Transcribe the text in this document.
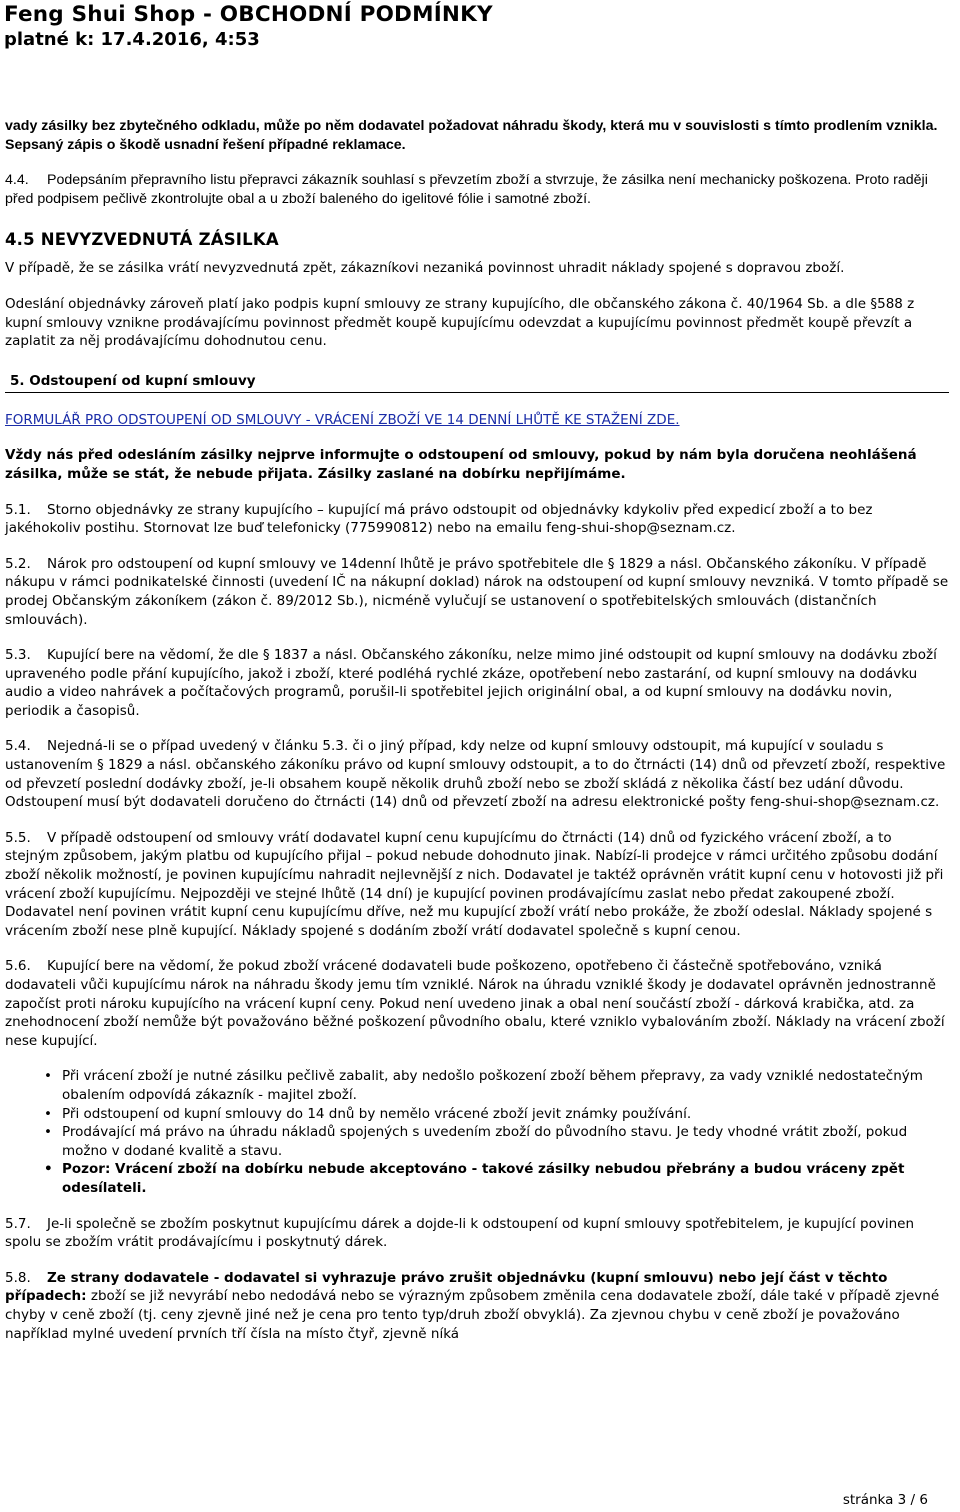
Feng Shui Shop - OBCHODNÍ PODMÍNKY
platné k: 17.4.2016, 4:53

vady zásilky bez zbytečného odkladu, může po něm dodavatel požadovat náhradu škody, která mu v souvislosti s tímto prodlením vznikla. Sepsaný zápis o škodě usnadní řešení případné reklamace.

4.4. Podepsáním přepravního listu přepravci zákazník souhlasí s převzetím zboží a stvrzuje, že zásilka není mechanicky poškozena. Proto raději před podpisem pečlivě zkontrolujte obal a u zboží baleného do igelitové fólie i samotné zboží.

4.5 NEVYZVEDNUTÁ ZÁSILKA

V případě, že se zásilka vrátí nevyzvednutá zpět, zákazníkovi nezaniká povinnost uhradit náklady spojené s dopravou zboží.

Odeslání objednávky zároveň platí jako podpis kupní smlouvy ze strany kupujícího, dle občanského zákona č. 40/1964 Sb. a dle §588 z kupní smlouvy vznikne prodávajícímu povinnost předmět koupě kupujícímu odevzdat a kupujícímu povinnost předmět koupě převzít a zaplatit za něj prodávajícímu dohodnutou cenu.

5. Odstoupení od kupní smlouvy

FORMULÁŘ PRO ODSTOUPENÍ OD SMLOUVY - VRÁCENÍ ZBOŽÍ VE 14 DENNÍ LHŮTĚ KE STAŽENÍ ZDE.

Vždy nás před odesláním zásilky nejprve informujte o odstoupení od smlouvy, pokud by nám byla doručena neohlášená zásilka, může se stát, že nebude přijata. Zásilky zaslané na dobírku nepřijímáme.

5.1. Storno objednávky ze strany kupujícího – kupující má právo odstoupit od objednávky kdykoliv před expedicí zboží a to bez jakéhokoliv postihu. Stornovat lze buď telefonicky (775990812) nebo na emailu feng-shui-shop@seznam.cz.

5.2. Nárok pro odstoupení od kupní smlouvy ve 14denní lhůtě je právo spotřebitele dle § 1829 a násl. Občanského zákoníku. V případě nákupu v rámci podnikatelské činnosti (uvedení IČ na nákupní doklad) nárok na odstoupení od kupní smlouvy nevzniká. V tomto případě se prodej Občanským zákoníkem (zákon č. 89/2012 Sb.), nicméně vylučují se ustanovení o spotřebitelských smlouvách (distančních smlouvách).

5.3. Kupující bere na vědomí, že dle § 1837 a násl. Občanského zákoníku, nelze mimo jiné odstoupit od kupní smlouvy na dodávku zboží upraveného podle přání kupujícího, jakož i zboží, které podléhá rychlé zkáze, opotřebení nebo zastarání, od kupní smlouvy na dodávku audio a video nahrávek a počítačových programů, porušil-li spotřebitel jejich originální obal, a od kupní smlouvy na dodávku novin, periodik a časopisů.

5.4. Nejedná-li se o případ uvedený v článku 5.3. či o jiný případ, kdy nelze od kupní smlouvy odstoupit, má kupující v souladu s ustanovením § 1829 a násl. občanského zákoníku právo od kupní smlouvy odstoupit, a to do čtrnácti (14) dnů od převzetí zboží, respektive od převzetí poslední dodávky zboží, je-li obsahem koupě několik druhů zboží nebo se zboží skládá z několika částí bez udání důvodu. Odstoupení musí být dodavateli doručeno do čtrnácti (14) dnů od převzetí zboží na adresu elektronické pošty feng-shui-shop@seznam.cz.

5.5. V případě odstoupení od smlouvy vrátí dodavatel kupní cenu kupujícímu do čtrnácti (14) dnů od fyzického vrácení zboží, a to stejným způsobem, jakým platbu od kupujícího přijal – pokud nebude dohodnuto jinak. Nabízí-li prodejce v rámci určitého způsobu dodání zboží několik možností, je povinen kupujícímu nahradit nejlevnější z nich. Dodavatel je taktéž oprávněn vrátit kupní cenu v hotovosti již při vrácení zboží kupujícímu. Nejpozději ve stejné lhůtě (14 dní) je kupující povinen prodávajícímu zaslat nebo předat zakoupené zboží. Dodavatel není povinen vrátit kupní cenu kupujícímu dříve, než mu kupující zboží vrátí nebo prokáže, že zboží odeslal. Náklady spojené s vrácením zboží nese plně kupující. Náklady spojené s dodáním zboží vrátí dodavatel společně s kupní cenou.

5.6. Kupující bere na vědomí, že pokud zboží vrácené dodavateli bude poškozeno, opotřebeno či částečně spotřebováno, vzniká dodavateli vůči kupujícímu nárok na náhradu škody jemu tím vzniklé. Nárok na úhradu vzniklé škody je dodavatel oprávněn jednostranně započíst proti nároku kupujícího na vrácení kupní ceny. Pokud není uvedeno jinak a obal není součástí zboží - dárková krabička, atd. za znehodnocení zboží nemůže být považováno běžné poškození původního obalu, které vzniklo vybalováním zboží. Náklady na vrácení zboží nese kupující.

• Při vrácení zboží je nutné zásilku pečlivě zabalit, aby nedošlo poškození zboží během přepravy, za vady vzniklé nedostatečným obalením odpovídá zákazník - majitel zboží.
• Při odstoupení od kupní smlouvy do 14 dnů by nemělo vrácené zboží jevit známky používání.
• Prodávající má právo na úhradu nákladů spojených s uvedením zboží do původního stavu. Je tedy vhodné vrátit zboží, pokud možno v dodané kvalitě a stavu.
• Pozor: Vrácení zboží na dobírku nebude akceptováno - takové zásilky nebudou přebrány a budou vráceny zpět odesílateli.

5.7. Je-li společně se zbožím poskytnut kupujícímu dárek a dojde-li k odstoupení od kupní smlouvy spotřebitelem, je kupující povinen spolu se zbožím vrátit prodávajícímu i poskytnutý dárek.

5.8. Ze strany dodavatele - dodavatel si vyhrazuje právo zrušit objednávku (kupní smlouvu) nebo její část v těchto případech: zboží se již nevyrábí nebo nedodává nebo se výrazným způsobem změnila cena dodavatele zboží, dále také v případě zjevné chyby v ceně zboží (tj. ceny zjevně jiné než je cena pro tento typ/druh zboží obvyklá). Za zjevnou chybu v ceně zboží je považováno například mylné uvedení prvních tří čísla na místo čtyř, zjevně níká

stránka 3 / 6
